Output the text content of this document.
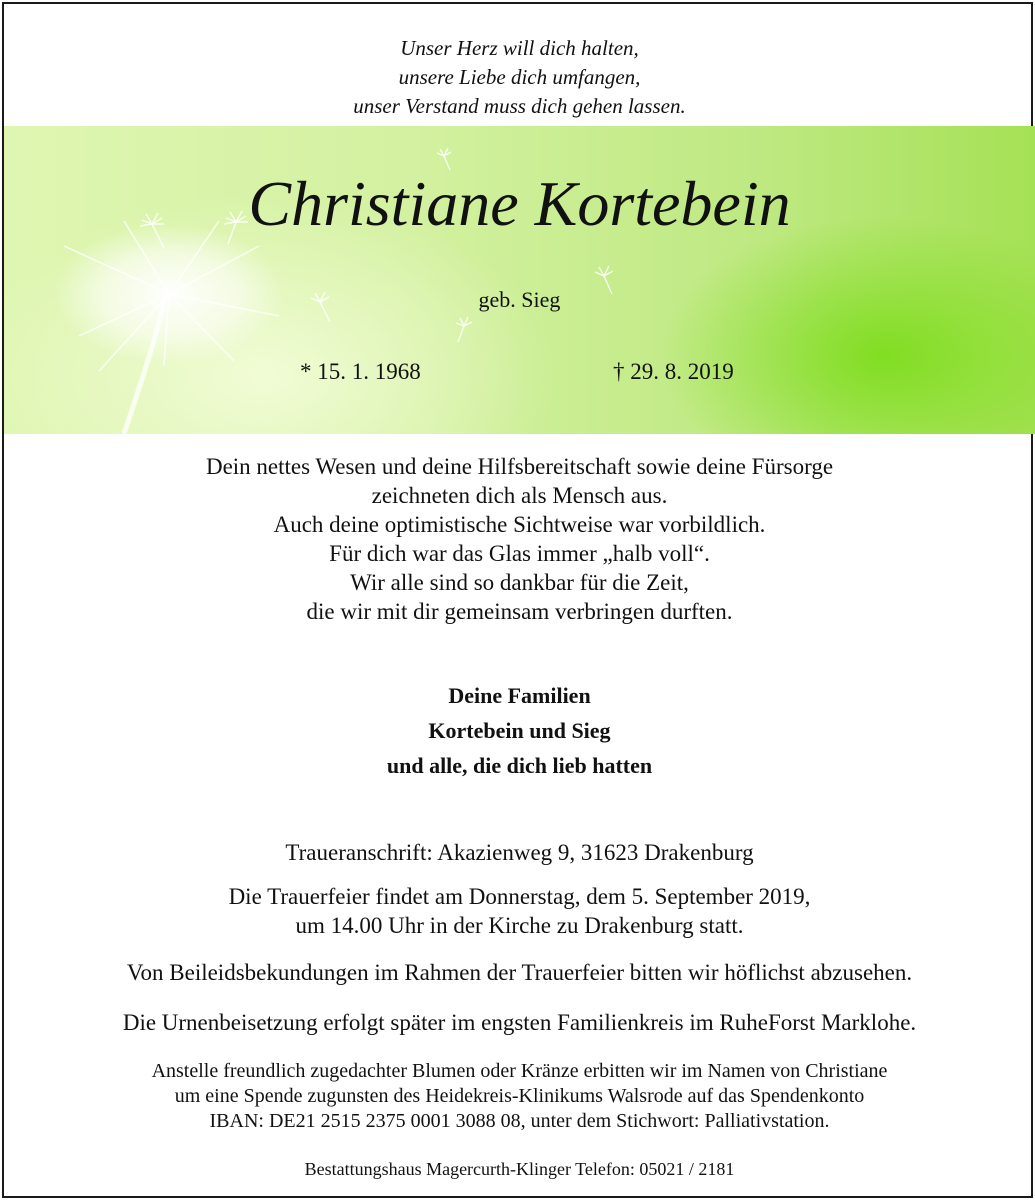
Unser Herz will dich halten,
unsere Liebe dich umfangen,
unser Verstand muss dich gehen lassen.
Christiane Kortebein
geb. Sieg
* 15. 1. 1968	† 29. 8. 2019
Dein nettes Wesen und deine Hilfsbereitschaft sowie deine Fürsorge
zeichneten dich als Mensch aus.
Auch deine optimistische Sichtweise war vorbildlich.
Für dich war das Glas immer „halb voll“.
Wir alle sind so dankbar für die Zeit,
die wir mit dir gemeinsam verbringen durften.
Deine Familien
Kortebein und Sieg
und alle, die dich lieb hatten
Traueranschrift: Akazienweg 9, 31623 Drakenburg
Die Trauerfeier findet am Donnerstag, dem 5. September 2019,
um 14.00 Uhr in der Kirche zu Drakenburg statt.
Von Beileidsbekundungen im Rahmen der Trauerfeier bitten wir höflichst abzusehen.
Die Urnenbeisetzung erfolgt später im engsten Familienkreis im RuheForst Marklohe.
Anstelle freundlich zugedachter Blumen oder Kränze erbitten wir im Namen von Christiane
um eine Spende zugunsten des Heidekreis-Klinikums Walsrode auf das Spendenkonto
IBAN: DE21 2515 2375 0001 3088 08, unter dem Stichwort: Palliativstation.
Bestattungshaus Magercurth-Klinger Telefon: 05021 / 2181
